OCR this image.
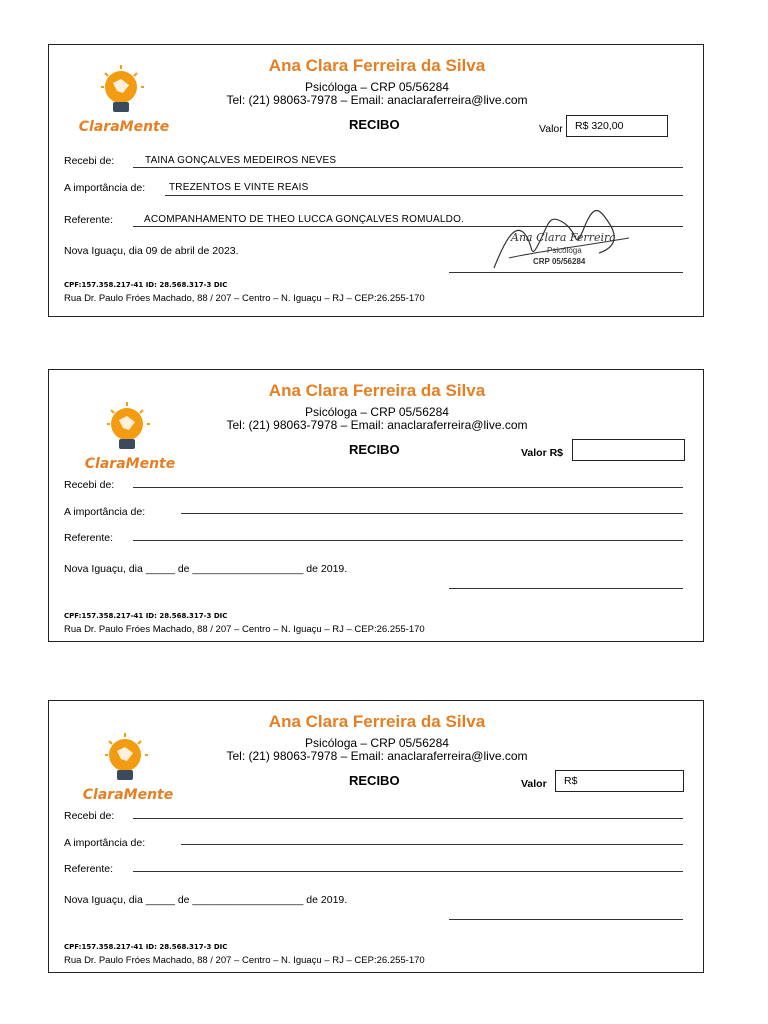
ClaraMente
Ana Clara Ferreira da Silva
Psicóloga – CRP 05/56284
Tel: (21) 98063-7978 – Email: anaclaraferreira@live.com
RECIBO	Valor	R$ 320,00
Recebi de:	TAINA GONÇALVES MEDEIROS NEVES
A importância de: TREZENTOS E VINTE REAIS
Referente:	ACOMPANHAMENTO DE THEO LUCCA GONÇALVES ROMUALDO.
Nova Iguaçu, dia 09 de abril de 2023.
Ana Clara Ferreira
Psicóloga
CRP 05/56284
CPF:157.358.217-41 ID: 28.568.317-3 DIC
Rua Dr. Paulo Fróes Machado, 88 / 207 – Centro – N. Iguaçu – RJ – CEP:26.255-170
ClaraMente
Ana Clara Ferreira da Silva
Psicóloga – CRP 05/56284
Tel: (21) 98063-7978 – Email: anaclaraferreira@live.com
RECIBO	Valor R$
Recebi de:
A importância de:
Referente:
Nova Iguaçu, dia _____ de ___________________ de 2019.
CPF:157.358.217-41 ID: 28.568.317-3 DIC
Rua Dr. Paulo Fróes Machado, 88 / 207 – Centro – N. Iguaçu – RJ – CEP:26.255-170
ClaraMente
Ana Clara Ferreira da Silva
Psicóloga – CRP 05/56284
Tel: (21) 98063-7978 – Email: anaclaraferreira@live.com
RECIBO	Valor	R$
Recebi de:
A importância de:
Referente:
Nova Iguaçu, dia _____ de ___________________ de 2019.
CPF:157.358.217-41 ID: 28.568.317-3 DIC
Rua Dr. Paulo Fróes Machado, 88 / 207 – Centro – N. Iguaçu – RJ – CEP:26.255-170
